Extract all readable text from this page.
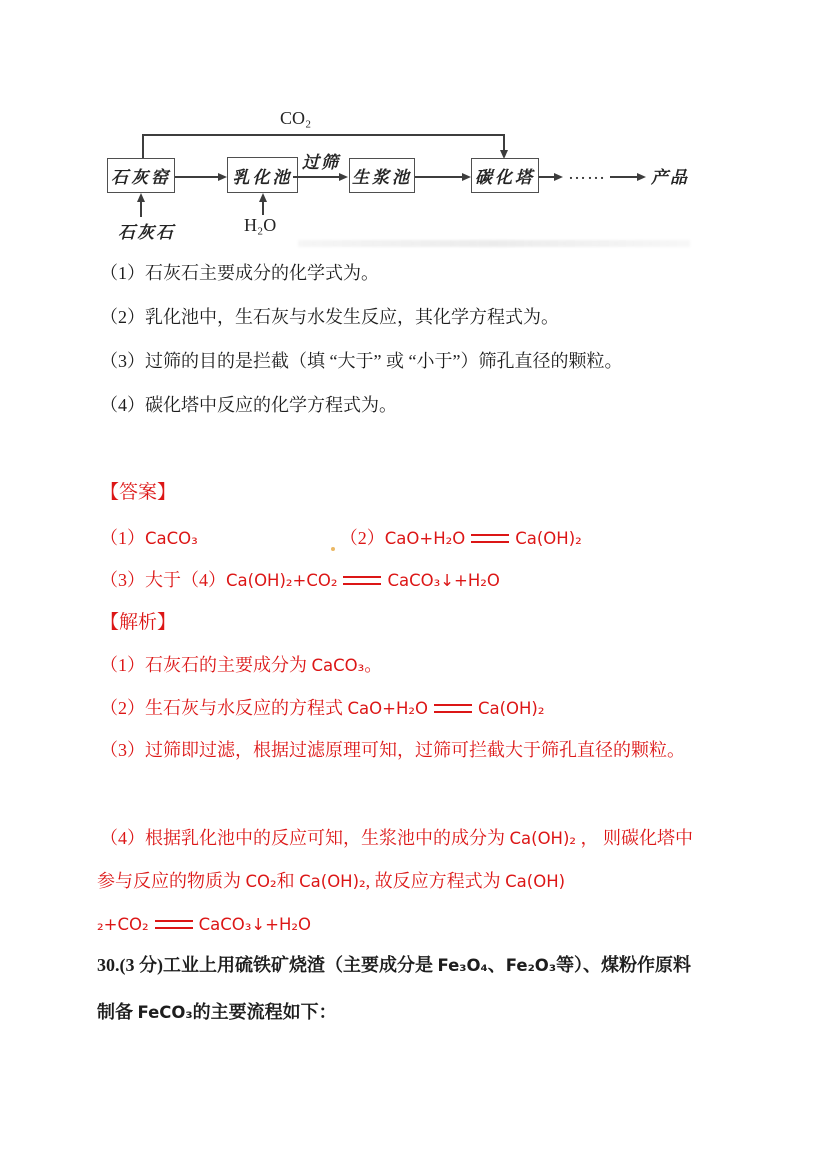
CO₂
石灰窑	乳化池	生浆池	碳化塔
过筛
……	产品
石灰石	H₂O
（1）石灰石主要成分的化学式为。
（2）乳化池中，生石灰与水发生反应，其化学方程式为。
（3）过筛的目的是拦截（填 “大于” 或 “小于”）筛孔直径的颗粒。
（4）碳化塔中反应的化学方程式为。
【答案】
（1）CaCO₃	（2）CaO+H₂O	Ca(OH)₂
（3）大于（4）Ca(OH)₂+CO₂	CaCO₃↓+H₂O
【解析】
（1）石灰石的主要成分为 CaCO₃。
（2）生石灰与水反应的方程式 CaO+H₂O	Ca(OH)₂
（3）过筛即过滤，根据过滤原理可知，过筛可拦截大于筛孔直径的颗粒。
（4）根据乳化池中的反应可知，生浆池中的成分为 Ca(OH)₂ ， 则碳化塔中
参与反应的物质为 CO₂和 Ca(OH)₂, 故反应方程式为 Ca(OH)
₂+CO₂	CaCO₃↓+H₂O
30.(3 分)工业上用硫铁矿烧渣（主要成分是 Fe₃O₄、Fe₂O₃等）、煤粉作原料
制备 FeCO₃的主要流程如下：
